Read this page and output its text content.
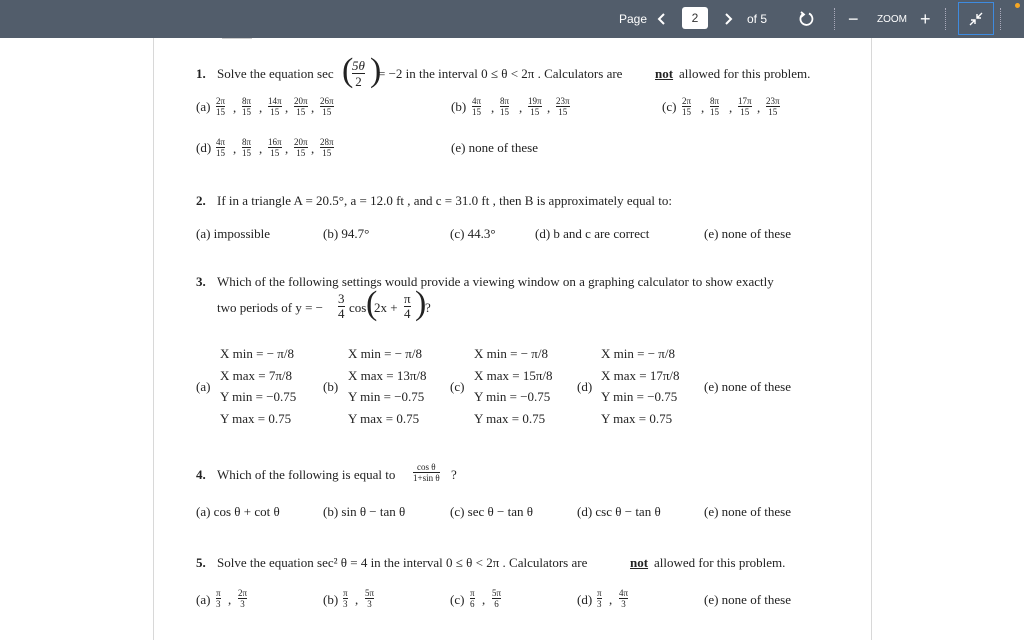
Page	2	of 5	− ZOOM +
1. Solve the equation sec (
5θ
2 )
= −2 in the interval 0 ≤ θ < 2π . Calculators are	not allowed for this problem.
(a) 2π
15 , 8π
15 , 14π
15 , 20π
15 , 26π
15	(b) 4π
15 , 8π
15 , 19π
15 , 23π
15	(c) 2π
15 , 8π
15 , 17π
15 , 23π
15
(d) 4π
15 , 8π
15 , 16π
15 , 20π
15 , 28π
15	(e) none of these
2. If in a triangle A = 20.5°, a = 12.0 ft , and c = 31.0 ft , then B is approximately equal to:
(a) impossible	(b) 94.7°	(c) 44.3°	(d) b and c are correct	(e) none of these
3. Which of the following settings would provide a viewing window on a graphing calculator to show exactly
two periods of y = −
3
4 cos (
2x +
π
4 )
?
(a)
X min = − π/8
X max = 7π/8
Y min = −0.75
Y max = 0.75
(b)
X min = − π/8
X max = 13π/8
Y min = −0.75
Y max = 0.75
(c)
X min = − π/8
X max = 15π/8
Y min = −0.75
Y max = 0.75
(d)
X min = − π/8
X max = 17π/8
Y min = −0.75
Y max = 0.75
(e) none of these
4. Which of the following is equal to cos θ
1+sin θ ?
(a) cos θ + cot θ	(b) sin θ − tan θ	(c) sec θ − tan θ	(d) csc θ − tan θ	(e) none of these
5. Solve the equation sec² θ = 4 in the interval 0 ≤ θ < 2π . Calculators are	not allowed for this problem.
(a) π
3 , 2π
3	(b) π
3 , 5π
3	(c) π
6 , 5π
6	(d) π
3 , 4π
3	(e) none of these
